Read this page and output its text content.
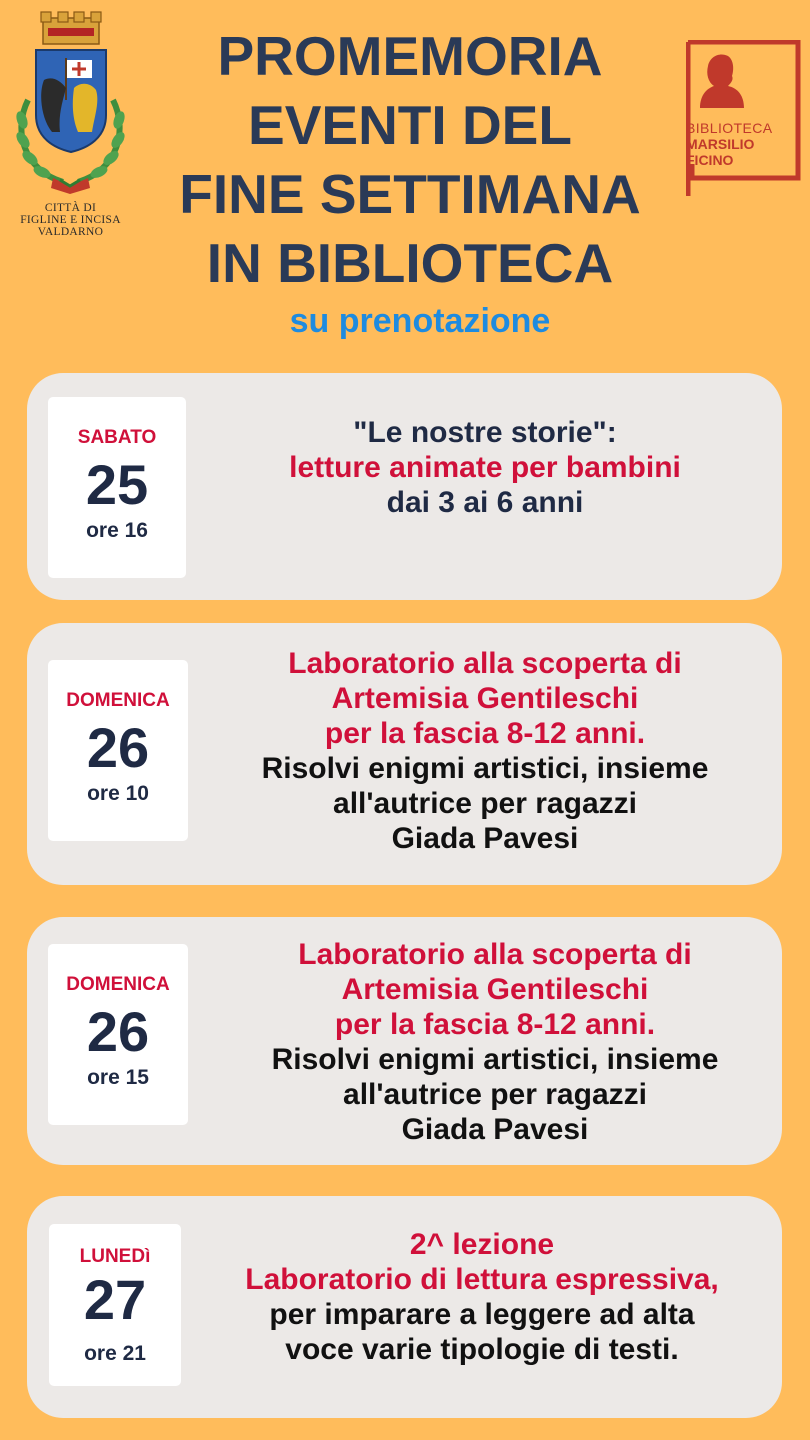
CITTÀ DI
FIGLINE E INCISA
VALDARNO
PROMEMORIA
EVENTI DEL
FINE SETTIMANA
IN BIBLIOTECA
su prenotazione
BIBLIOTECA
MARSILIO
FICINO
SABATO
25
ore 16
"Le nostre storie":
letture animate per bambini
dai 3 ai 6 anni
DOMENICA
26
ore 10
Laboratorio alla scoperta di
Artemisia Gentileschi
per la fascia 8-12 anni.
Risolvi enigmi artistici, insieme
all'autrice per ragazzi
Giada Pavesi
DOMENICA
26
ore 15
Laboratorio alla scoperta di
Artemisia Gentileschi
per la fascia 8-12 anni.
Risolvi enigmi artistici, insieme
all'autrice per ragazzi
Giada Pavesi
LUNEDì
27
ore 21
2^ lezione
Laboratorio di lettura espressiva,
per imparare a leggere ad alta
voce varie tipologie di testi.
